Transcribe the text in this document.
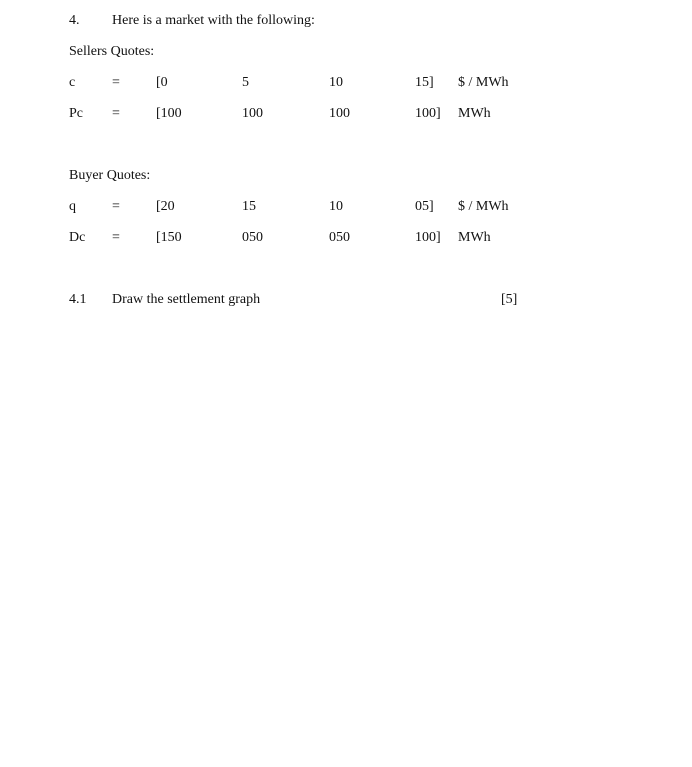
4. Here is a market with the following:
Sellers Quotes:
c	=	[0	5	10	15] $ / MWh
Pc =	[100	100	100	100] MWh
Buyer Quotes:
q	=	[20	15	10	05] $ / MWh
Dc =	[150	050	050	100] MWh
4.1 Draw the settlement graph	[5]
